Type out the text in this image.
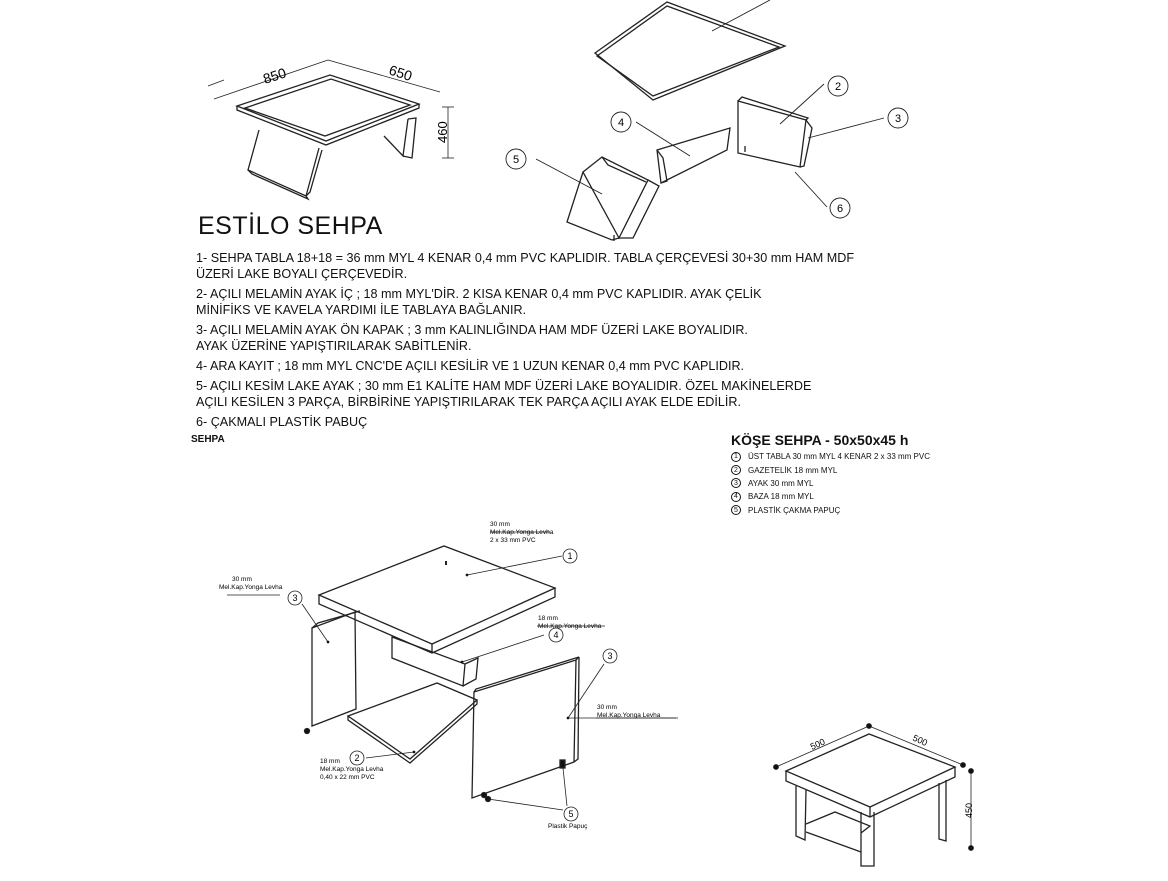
850	650
460
2
3
4
5
6
1
4
3
3
2
5
30 mm
Mel.Kap.Yonga Levha
2 x 33 mm PVC
30 mm
Mel.Kap.Yonga Levha
18 mm
Mel.Kap.Yonga Levha
30 mm
Mel.Kap.Yonga Levha
18 mm
Mel.Kap.Yonga Levha
0,40 x 22 mm PVC
Plastik Papuç
500	500
450
ESTİLO SEHPA
1- SEHPA TABLA 18+18 = 36 mm MYL 4 KENAR 0,4 mm PVC KAPLIDIR. TABLA ÇERÇEVESİ 30+30 mm HAM MDF
ÜZERİ LAKE BOYALI ÇERÇEVEDİR.
2- AÇILI MELAMİN AYAK İÇ ; 18 mm MYL'DİR. 2 KISA KENAR 0,4 mm PVC KAPLIDIR. AYAK ÇELİK
MİNİFİKS VE KAVELA YARDIMI İLE TABLAYA BAĞLANIR.
3- AÇILI MELAMİN AYAK ÖN KAPAK ; 3 mm KALINLIĞINDA HAM MDF ÜZERİ LAKE BOYALIDIR.
AYAK ÜZERİNE YAPIŞTIRILARAK SABİTLENİR.
4- ARA KAYIT ; 18 mm MYL CNC'DE AÇILI KESİLİR VE 1 UZUN KENAR 0,4 mm PVC KAPLIDIR.
5- AÇILI KESİM LAKE AYAK ; 30 mm E1 KALİTE HAM MDF ÜZERİ LAKE BOYALIDIR. ÖZEL MAKİNELERDE
AÇILI KESİLEN 3 PARÇA, BİRBİRİNE YAPIŞTIRILARAK TEK PARÇA AÇILI AYAK ELDE EDİLİR.
6- ÇAKMALI PLASTİK PABUÇ
SEHPA	KÖŞE SEHPA - 50x50x45 h
1	ÜST TABLA 30 mm MYL 4 KENAR 2 x 33 mm PVC
2	GAZETELİK 18 mm MYL
3	AYAK 30 mm MYL
4	BAZA 18 mm MYL
5	PLASTİK ÇAKMA PAPUÇ
